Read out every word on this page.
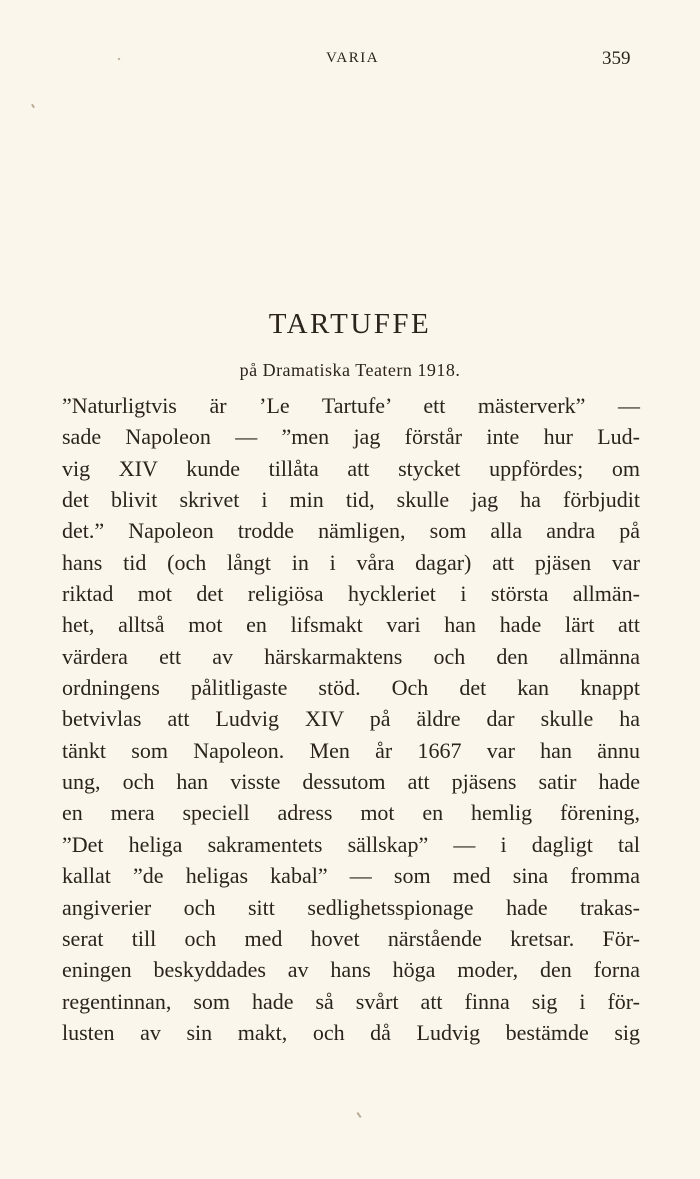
VARIA	359
TARTUFFE
på Dramatiska Teatern 1918.
”Naturligtvis är ’Le Tartufe’ ett mästerverk” —
sade Napoleon — ”men jag förstår inte hur Lud-
vig XIV kunde tillåta att stycket uppfördes; om
det blivit skrivet i min tid, skulle jag ha förbjudit
det.” Napoleon trodde nämligen, som alla andra på
hans tid (och långt in i våra dagar) att pjäsen var
riktad mot det religiösa hyckleriet i största allmän-
het, alltså mot en lifsmakt vari han hade lärt att
värdera ett av härskarmaktens och den allmänna
ordningens pålitligaste stöd. Och det kan knappt
betvivlas att Ludvig XIV på äldre dar skulle ha
tänkt som Napoleon. Men år 1667 var han ännu
ung, och han visste dessutom att pjäsens satir hade
en mera speciell adress mot en hemlig förening,
”Det heliga sakramentets sällskap” — i dagligt tal
kallat ”de heligas kabal” — som med sina fromma
angiverier och sitt sedlighetsspionage hade trakas-
serat till och med hovet närstående kretsar. För-
eningen beskyddades av hans höga moder, den forna
regentinnan, som hade så svårt att finna sig i för-
lusten av sin makt, och då Ludvig bestämde sig
